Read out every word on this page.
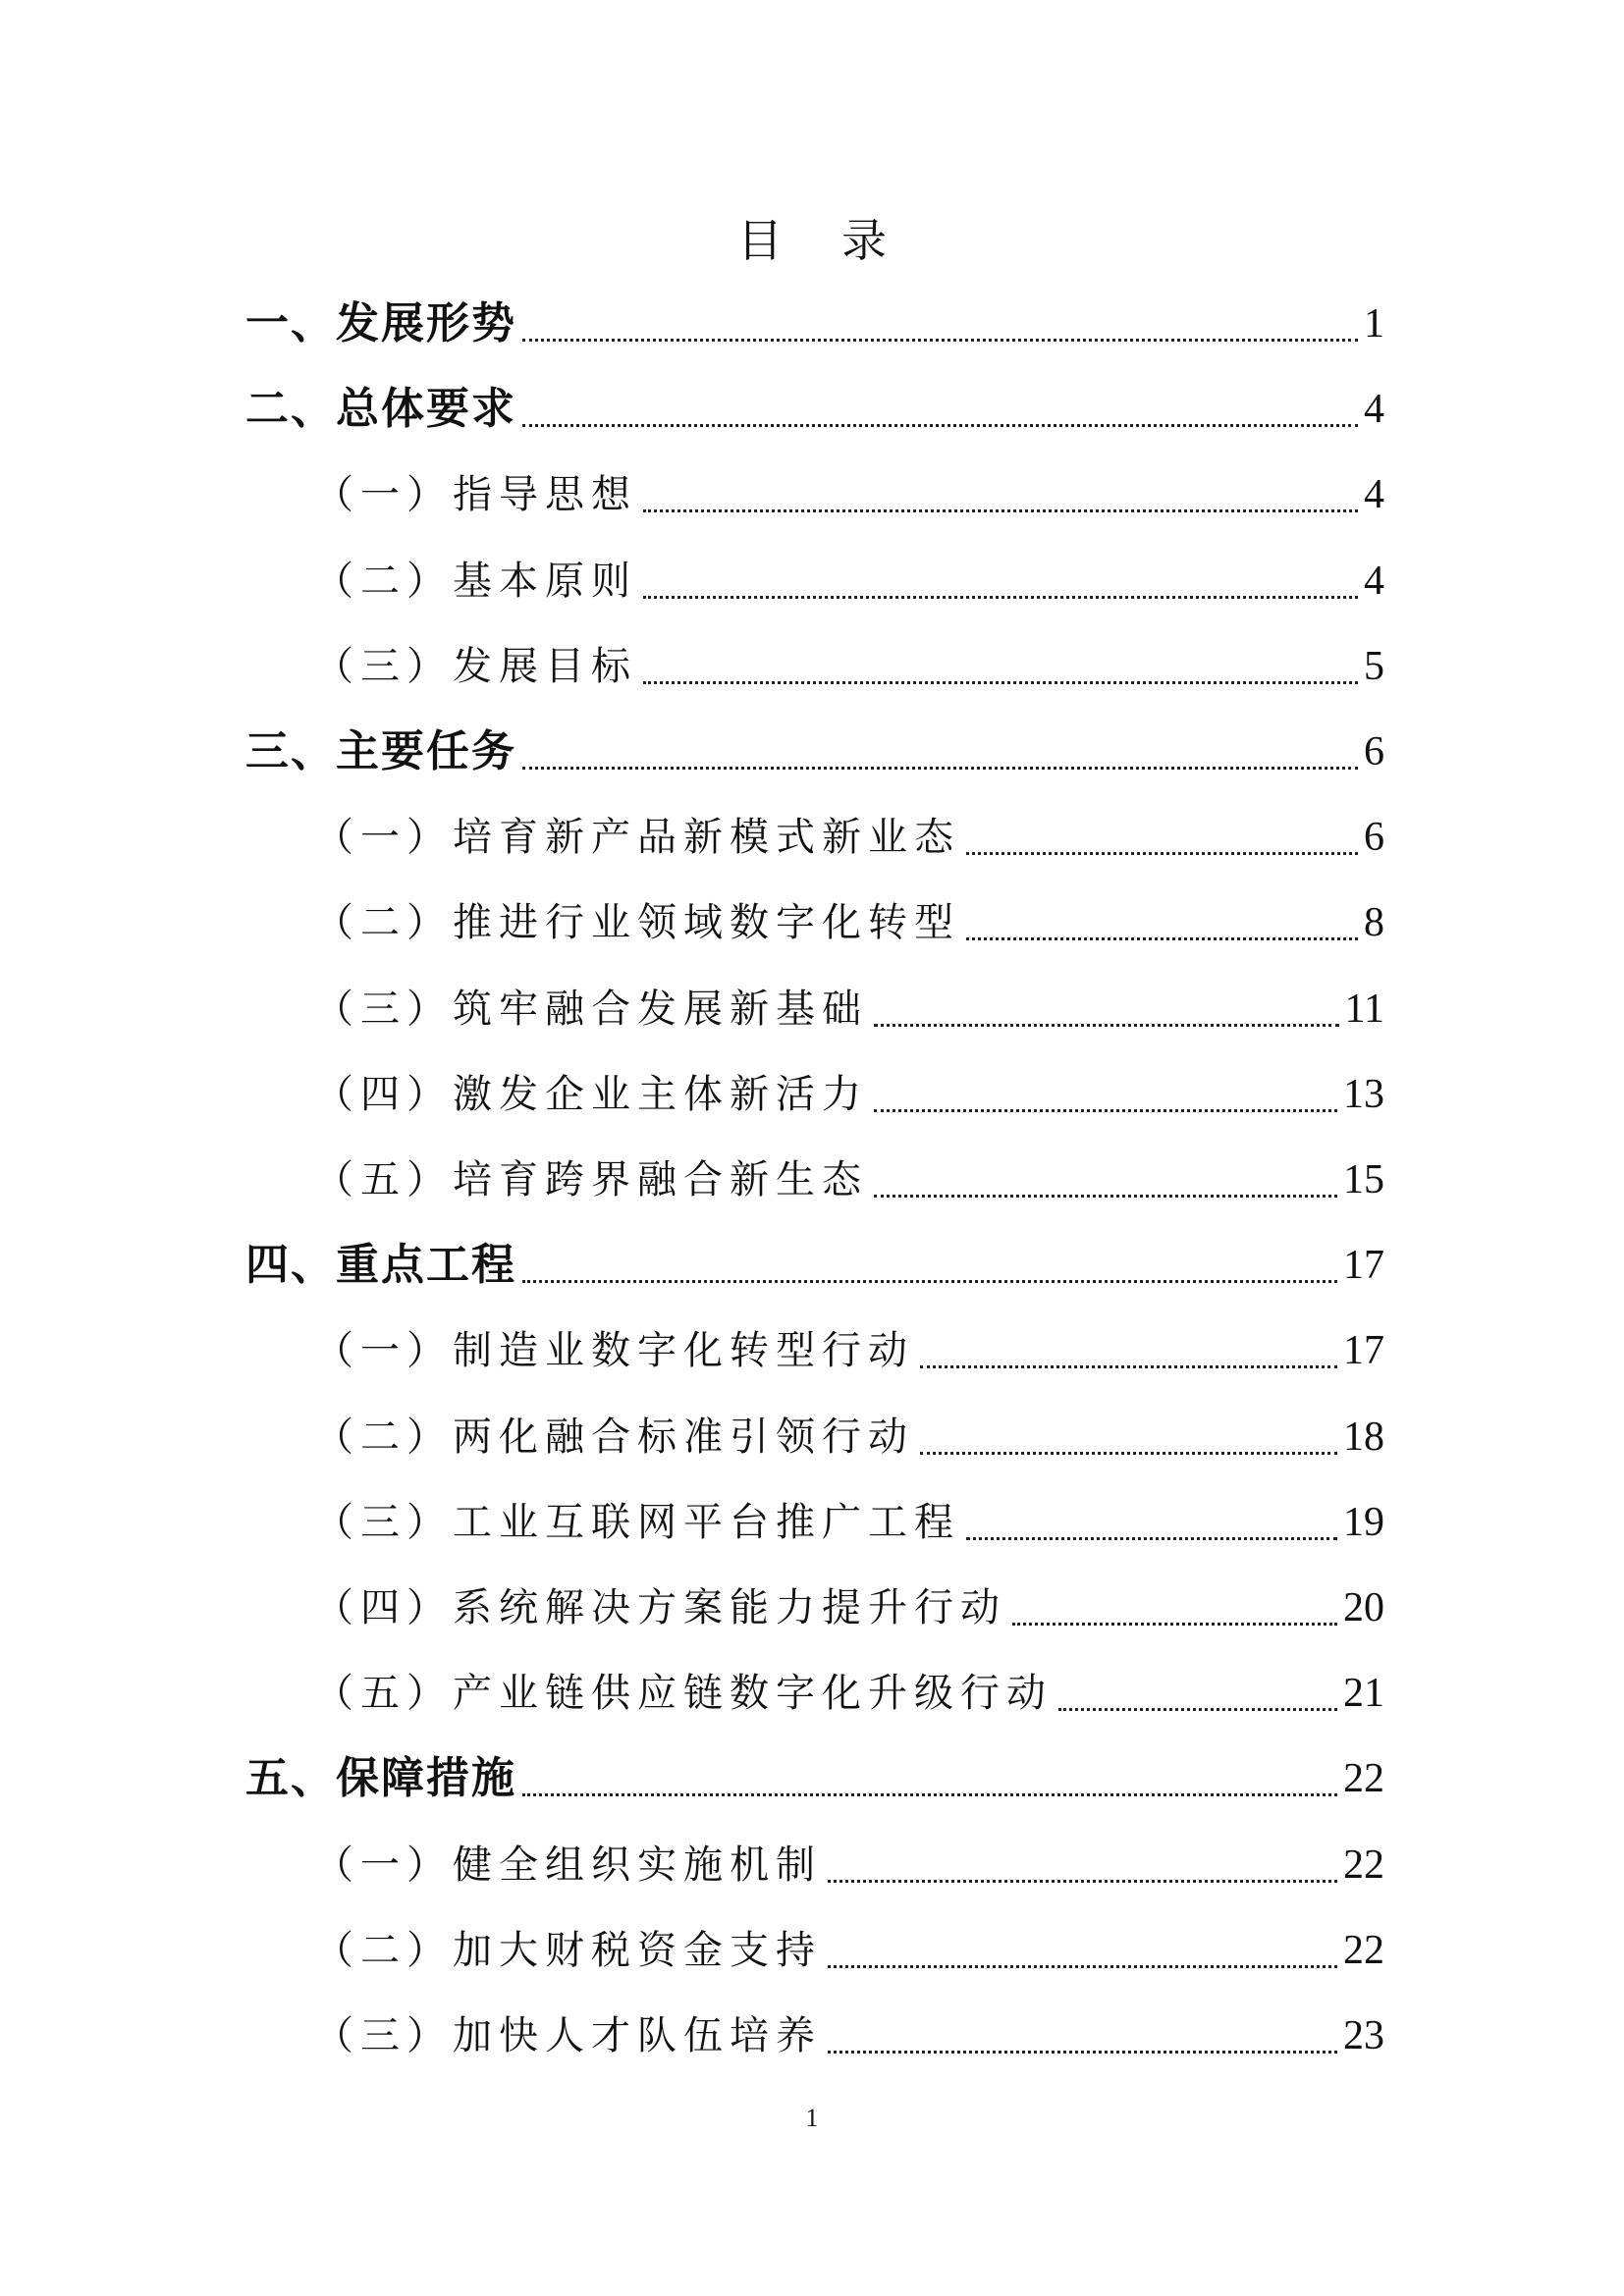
目录
一、发展形势	1
二、总体要求	4
（一）指导思想	4
（二）基本原则	4
（三）发展目标	5
三、主要任务	6
（一）培育新产品新模式新业态	6
（二）推进行业领域数字化转型	8
（三）筑牢融合发展新基础	11
（四）激发企业主体新活力	13
（五）培育跨界融合新生态	15
四、重点工程	17
（一）制造业数字化转型行动	17
（二）两化融合标准引领行动	18
（三）工业互联网平台推广工程	19
（四）系统解决方案能力提升行动	20
（五）产业链供应链数字化升级行动	21
五、保障措施	22
（一）健全组织实施机制	22
（二）加大财税资金支持	22
（三）加快人才队伍培养	23
1
